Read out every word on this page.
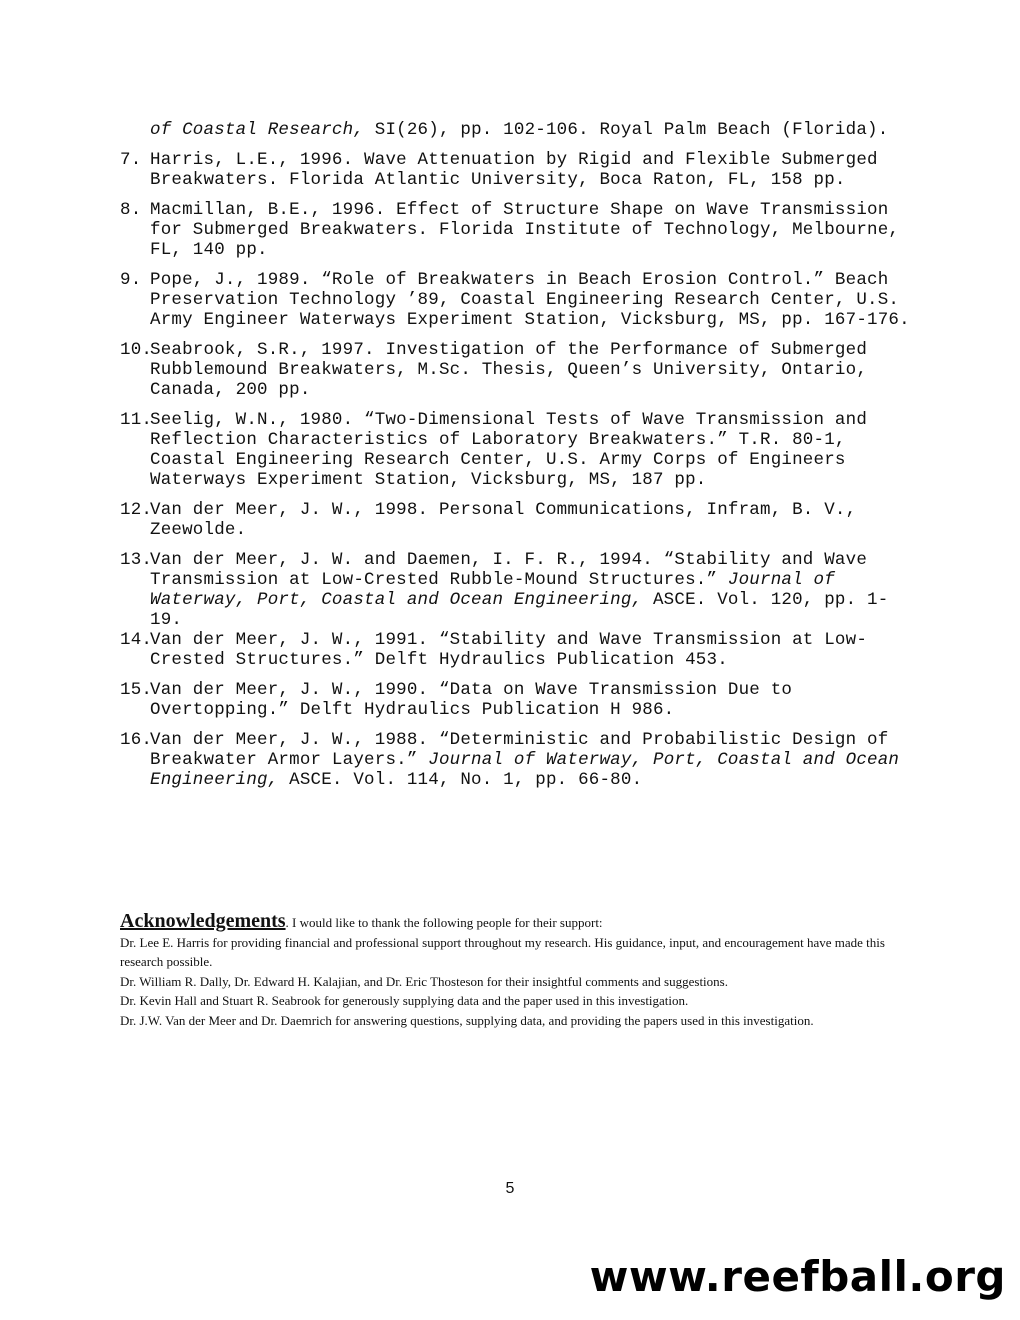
of Coastal Research, SI(26), pp. 102-106. Royal Palm Beach (Florida).
7. Harris, L.E., 1996. Wave Attenuation by Rigid and Flexible Submerged Breakwaters. Florida Atlantic University, Boca Raton, FL, 158 pp.
8. Macmillan, B.E., 1996. Effect of Structure Shape on Wave Transmission for Submerged Breakwaters. Florida Institute of Technology, Melbourne, FL, 140 pp.
9. Pope, J., 1989. “Role of Breakwaters in Beach Erosion Control.” Beach Preservation Technology ’89, Coastal Engineering Research Center, U.S. Army Engineer Waterways Experiment Station, Vicksburg, MS, pp. 167-176.
10.
Seabrook, S.R., 1997. Investigation of the Performance of Submerged Rubblemound Breakwaters, M.Sc. Thesis, Queen’s University, Ontario, Canada, 200 pp.
11.
Seelig, W.N., 1980. “Two-Dimensional Tests of Wave Transmission and Reflection Characteristics of Laboratory Breakwaters.” T.R. 80-1, Coastal Engineering Research Center, U.S. Army Corps of Engineers Waterways Experiment Station, Vicksburg, MS, 187 pp.
12.
Van der Meer, J. W., 1998. Personal Communications, Infram, B. V., Zeewolde.
13.
Van der Meer, J. W. and Daemen, I. F. R., 1994. “Stability and Wave Transmission at Low-Crested Rubble-Mound Structures.” Journal of Waterway, Port, Coastal and Ocean Engineering, ASCE. Vol. 120, pp. 1-19.
14.
Van der Meer, J. W., 1991. “Stability and Wave Transmission at Low-Crested Structures.” Delft Hydraulics Publication 453.
15.
Van der Meer, J. W., 1990. “Data on Wave Transmission Due to Overtopping.” Delft Hydraulics Publication H 986.
16.
Van der Meer, J. W., 1988. “Deterministic and Probabilistic Design of Breakwater Armor Layers.” Journal of Waterway, Port, Coastal and Ocean Engineering, ASCE. Vol. 114, No. 1, pp. 66-80.
Acknowledgements. I would like to thank the following people for their support:

Dr. Lee E. Harris for providing financial and professional support throughout my research. His guidance, input, and encouragement have made this research possible.

Dr. William R. Dally, Dr. Edward H. Kalajian, and Dr. Eric Thosteson for their insightful comments and suggestions.

Dr. Kevin Hall and Stuart R. Seabrook for generously supplying data and the paper used in this investigation.

Dr. J.W. Van der Meer and Dr. Daemrich for answering questions, supplying data, and providing the papers used in this investigation.

5
www.reefball.org
